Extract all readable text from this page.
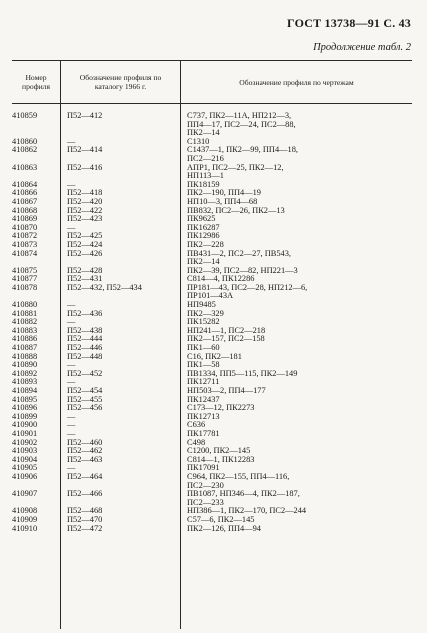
ГОСТ 13738—91 С. 43
Продолжение табл. 2
Номер
профиля
Обозначение профиля по
каталогу 1966 г.	Обозначение профиля по чертежам
410859	П52—412	С737, ПК2—11А, НП212—3,
ПП4—17, ПС2—24, ПС2—88,
ПК2—14
410860	—	С1310
410862	П52—414	С1437—1, ПК2—99, ПП4—18,
ПС2—216
410863	П52—416	АПР1, ПС2—25, ПК2—12,
НП113—1
410864	—	ПК18159
410866	П52—418	ПК2—190, ПП4—19
410867	П52—420	НП10—3, ПП4—68
410868	П52—422	ПВ832, ПС2—26, ПК2—13
410869	П52—423	ПК9625
410870	—	ПК16287
410872	П52—425	ПК12986
410873	П52—424	ПК2—228
410874	П52—426	ПВ431—2, ПС2—27, ПВ543,
ПК2—14
410875	П52—428	ПК2—39, ПС2—82, НП221—3
410877	П52—431	С814—4, ПК12286
410878	П52—432, П52—434	ПР181—43, ПС2—28, НП212—6,
ПР101—43А
410880	—	НП9485
410881	П52—436	ПК2—329
410882	—	ПК15282
410883	П52—438	НП241—1, ПС2—218
410886	П52—444	ПК2—157, ПС2—158
410887	П52—446	ПК1—60
410888	П52—448	С16, ПК2—181
410890	—	ПК1—58
410892	П52—452	ПВ1334, ПП5—115, ПК2—149
410893	—	ПК12711
410894	П52—454	НП503—2, ПП4—177
410895	П52—455	ПК12437
410896	П52—456	С173—12, ПК2273
410899	—	ПК12713
410900	—	С636
410901	—	ПК17781
410902	П52—460	С498
410903	П52—462	С1200, ПК2—145
410904	П52—463	С814—1, ПК12283
410905	—	ПК17091
410906	П52—464	С964, ПК2—155, ПП4—116,
ПС2—230
410907	П52—466	ПВ1087, НП346—4, ПК2—187,
ПС2—233
410908	П52—468	НП386—1, ПК2—170, ПС2—244
410909	П52—470	С57—6, ПК2—145
410910	П52—472	ПК2—126, ПП4—94
